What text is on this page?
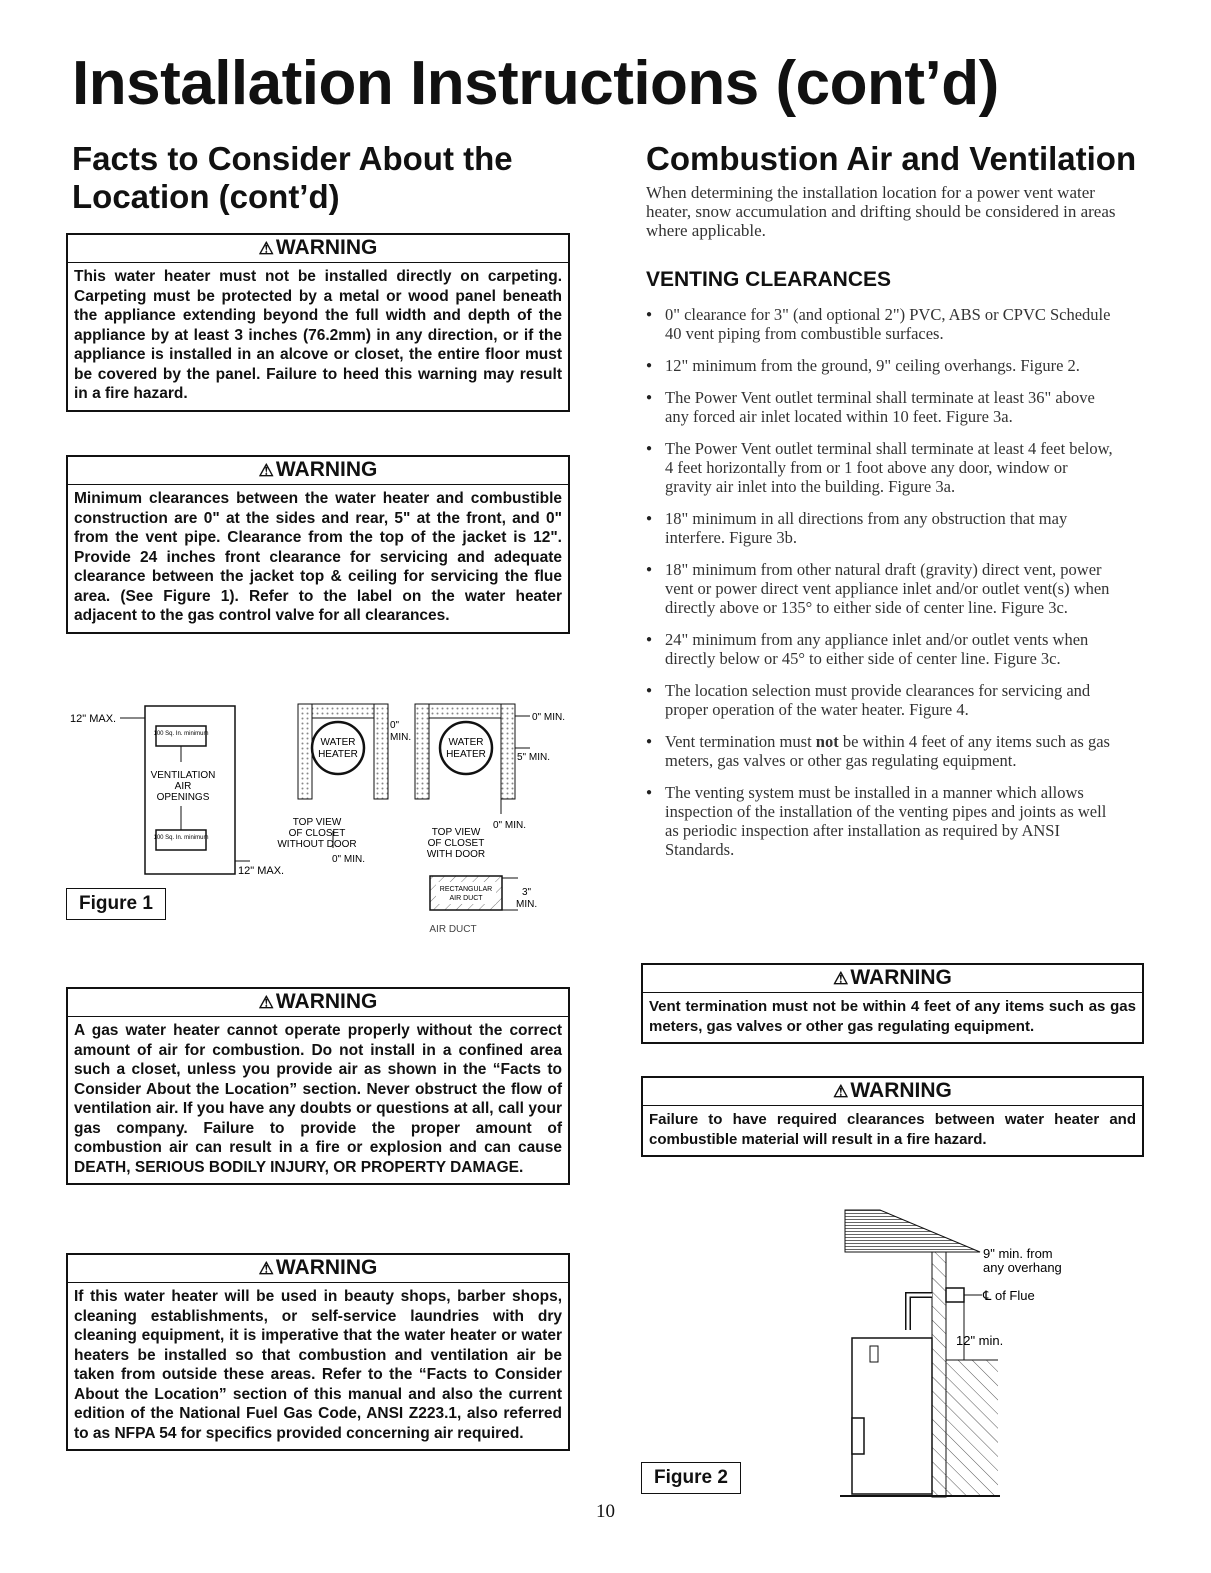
Installation Instructions (cont’d)
Facts to Consider About the Location (cont’d)
⚠WARNING

This water heater must not be installed directly on carpeting. Carpeting must be protected by a metal or wood panel beneath the appliance extending beyond the full width and depth of the appliance by at least 3 inches (76.2mm) in any direction, or if the appliance is installed in an alcove or closet, the entire floor must be covered by the panel. Failure to heed this warning may result in a fire hazard.

⚠WARNING

Minimum clearances between the water heater and combustible construction are 0" at the sides and rear, 5" at the front, and 0" from the vent pipe. Clearance from the top of the jacket is 12". Provide 24 inches front clearance for servicing and adequate clearance between the jacket top & ceiling for servicing the flue area. (See Figure 1). Refer to the label on the water heater adjacent to the gas control valve for all clearances.

12" MAX.
100 Sq. In. minimum
VENTILATION
AIR
OPENINGS
100 Sq. In. minimum
12" MAX.
WATER
HEATER
0"
MIN.
0" MIN.
TOP VIEW
OF CLOSET
WITHOUT DOOR
WATER
HEATER
0" MIN.
5" MIN.
0" MIN.
TOP VIEW
OF CLOSET
WITH DOOR
RECTANGULAR
AIR DUCT
3"
MIN.
AIR DUCT
Figure 1
⚠WARNING

A gas water heater cannot operate properly without the correct amount of air for combustion. Do not install in a confined area such a closet, unless you provide air as shown in the “Facts to Consider About the Location” section. Never obstruct the flow of ventilation air. If you have any doubts or questions at all, call your gas company. Failure to provide the proper amount of combustion air can result in a fire or explosion and can cause DEATH, SERIOUS BODILY INJURY, OR PROPERTY DAMAGE.

⚠WARNING

If this water heater will be used in beauty shops, barber shops, cleaning establishments, or self-service laundries with dry cleaning equipment, it is imperative that the water heater or water heaters be installed so that combustion and ventilation air be taken from outside these areas. Refer to the “Facts to Consider About the Location” section of this manual and also the current edition of the National Fuel Gas Code, ANSI Z223.1, also referred to as NFPA 54 for specifics provided concerning air required.

Combustion Air and Ventilation

When determining the installation location for a power vent water heater, snow accumulation and drifting should be considered in areas where applicable.

VENTING CLEARANCES
● 0" clearance for 3" (and optional 2") PVC, ABS or CPVC Schedule 40 vent piping from combustible surfaces.
● 12" minimum from the ground, 9" ceiling overhangs. Figure 2.
● The Power Vent outlet terminal shall terminate at least 36" above any forced air inlet located within 10 feet. Figure 3a.
● The Power Vent outlet terminal shall terminate at least 4 feet below, 4 feet horizontally from or 1 foot above any door, window or gravity air inlet into the building. Figure 3a.
● 18" minimum in all directions from any obstruction that may interfere. Figure 3b.
● 18" minimum from other natural draft (gravity) direct vent, power vent or power direct vent appliance inlet and/or outlet vent(s) when directly above or 135° to either side of center line. Figure 3c.
● 24" minimum from any appliance inlet and/or outlet vents when directly below or 45° to either side of center line. Figure 3c.
● The location selection must provide clearances for servicing and proper operation of the water heater. Figure 4.
● Vent termination must not be within 4 feet of any items such as gas meters, gas valves or other gas regulating equipment.
● The venting system must be installed in a manner which allows inspection of the installation of the venting pipes and joints as well as periodic inspection after installation as required by ANSI Standards.
⚠WARNING

Vent termination must not be within 4 feet of any items such as gas meters, gas valves or other gas regulating equipment.

⚠WARNING

Failure to have required clearances between water heater and combustible material will result in a fire hazard.

9" min. from
any overhang
℄ of Flue
12" min.
Figure 2

10
